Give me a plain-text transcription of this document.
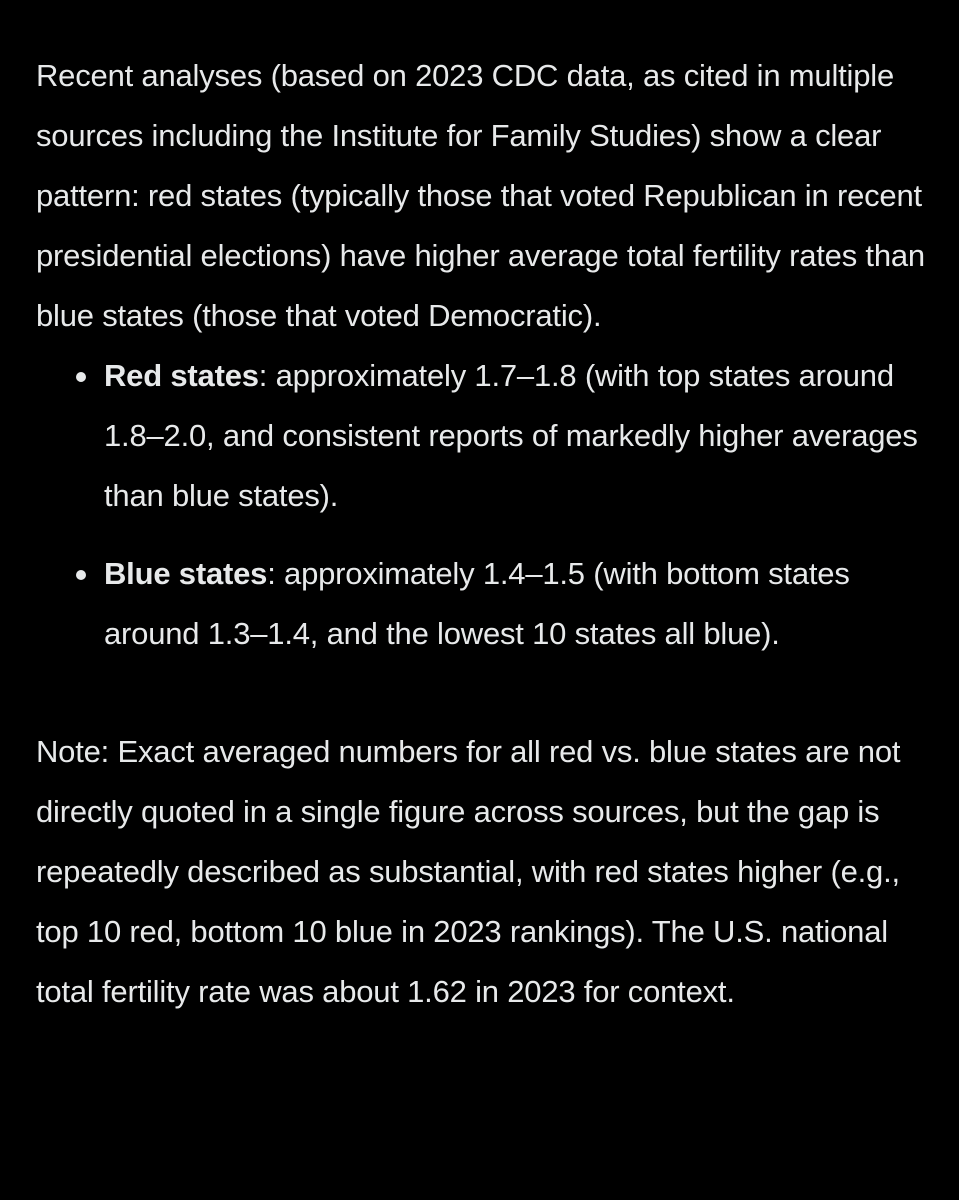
Recent analyses (based on 2023 CDC data, as cited in multiple sources including the Institute for Family Studies) show a clear pattern: red states (typically those that voted Republican in recent presidential elections) have higher average total fertility rates than blue states (those that voted Democratic).

Red states: approximately 1.7–1.8 (with top states around 1.8–2.0, and consistent reports of markedly higher averages than blue states).
Blue states: approximately 1.4–1.5 (with bottom states around 1.3–1.4, and the lowest 10 states all blue).

Note: Exact averaged numbers for all red vs. blue states are not directly quoted in a single figure across sources, but the gap is repeatedly described as substantial, with red states higher (e.g., top 10 red, bottom 10 blue in 2023 rankings). The U.S. national total fertility rate was about 1.62 in 2023 for context.
